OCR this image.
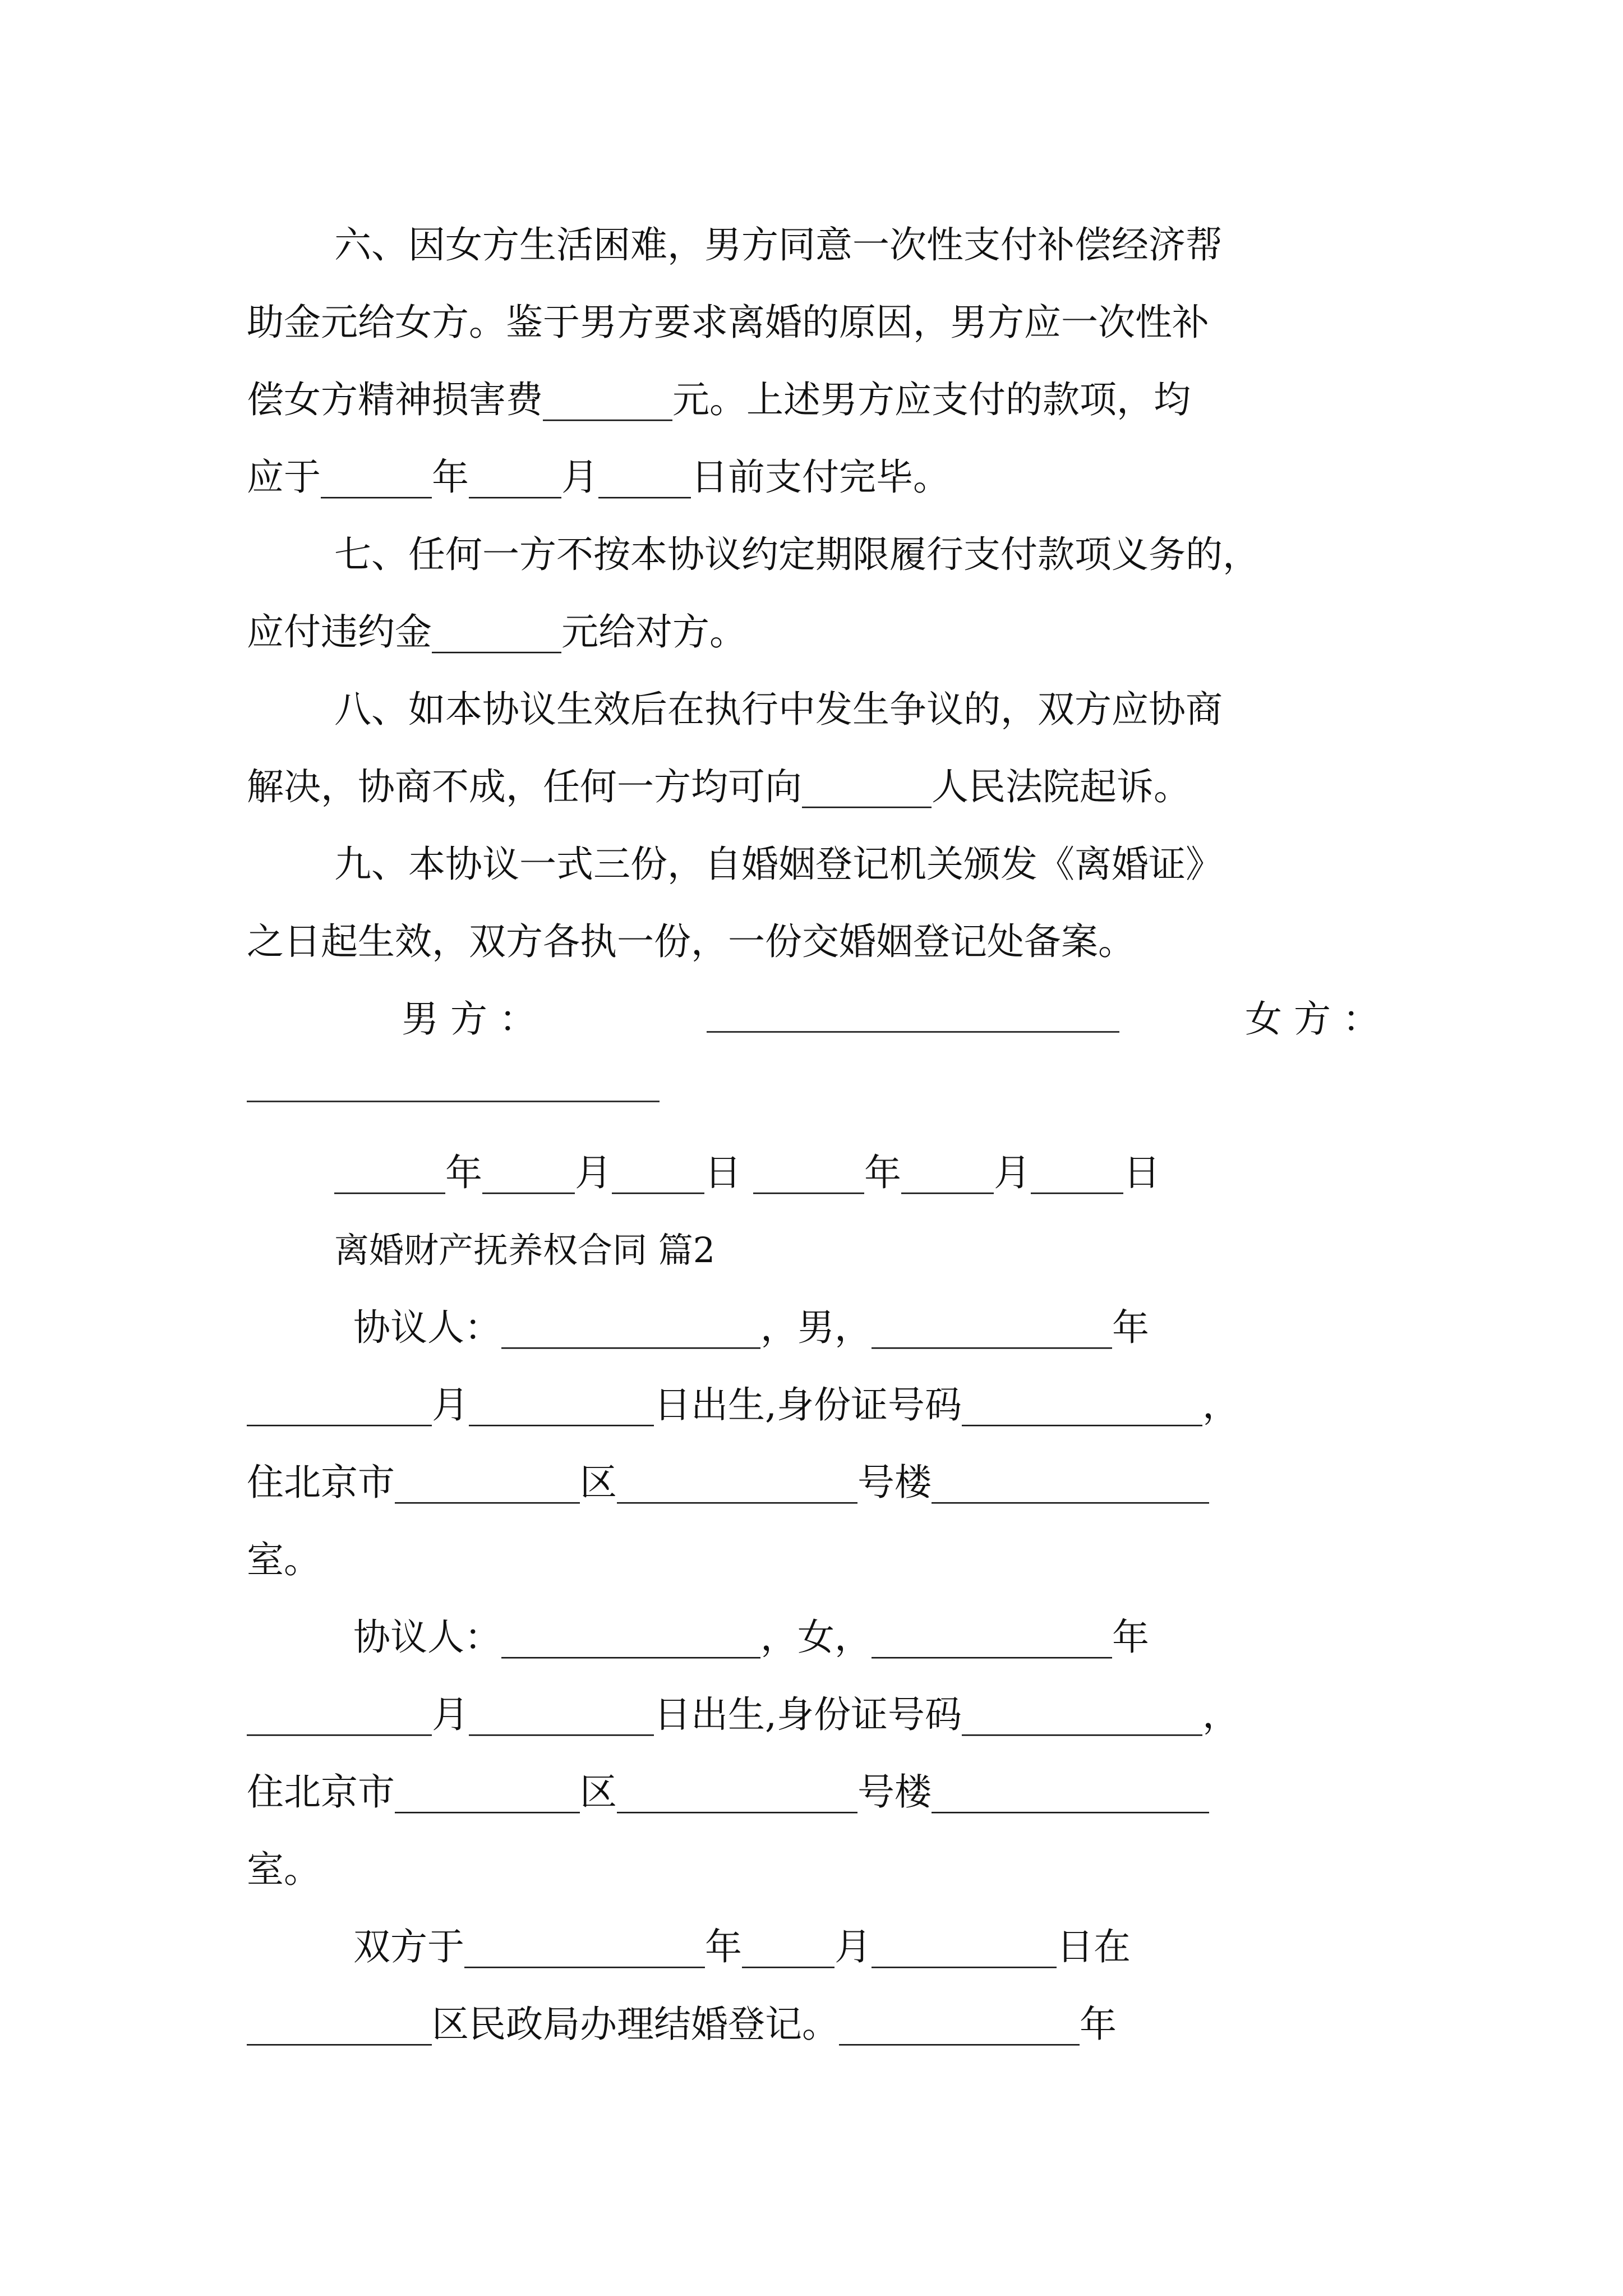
六、因女方生活困难，男方同意一次性支付补偿经济帮
助金元给女方。鉴于男方要求离婚的原因，男方应一次性补
偿女方精神损害费_______元。上述男方应支付的款项，均
应于______年_____月_____日前支付完毕。
七、任何一方不按本协议约定期限履行支付款项义务的，
应付违约金_______元给对方。
八、如本协议生效后在执行中发生争议的，双方应协商
解决，协商不成，任何一方均可向_______人民法院起诉。
九、本协议一式三份，自婚姻登记机关颁发《离婚证》
之日起生效，双方各执一份，一份交婚姻登记处备案。
男 方 ：	女 方 ：
______年_____月_____日 ______年_____月_____日
离婚财产抚养权合同 篇2
协议人：______________，男，_____________年
__________月__________日出生,身份证号码_____________，
住北京市__________区_____________号楼_______________
室。
协议人：______________，女，_____________年
__________月__________日出生,身份证号码_____________，
住北京市__________区_____________号楼_______________
室。
双方于_____________年_____月__________日在
__________区民政局办理结婚登记。_____________年
